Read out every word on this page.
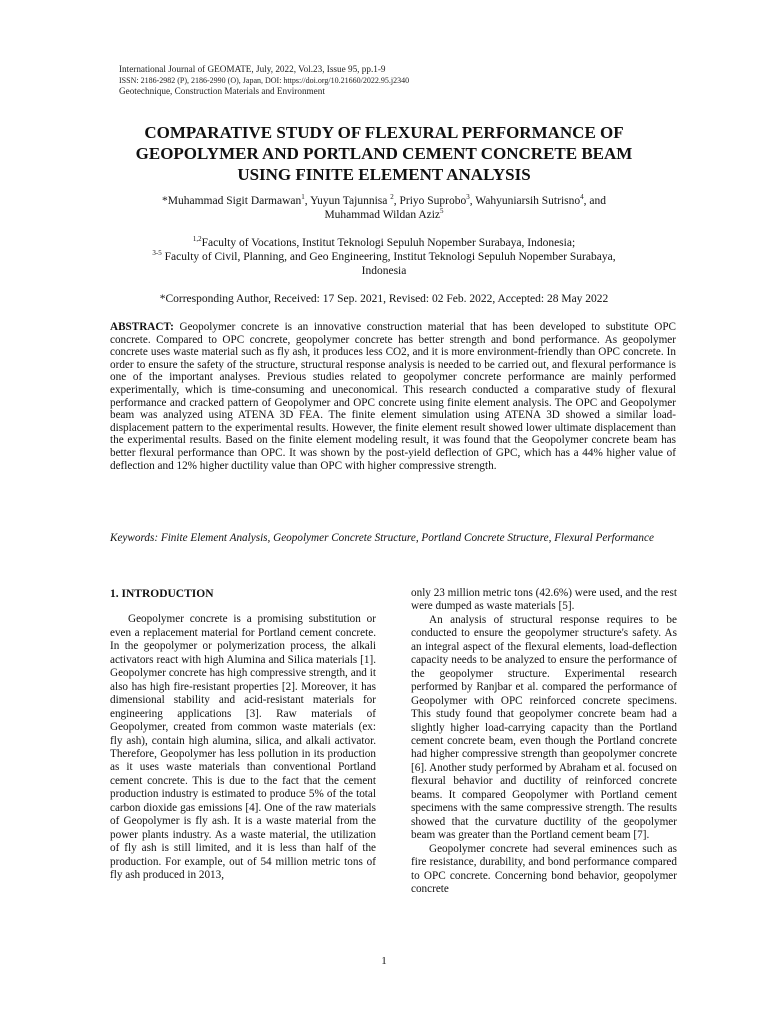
International Journal of GEOMATE, July, 2022, Vol.23, Issue 95, pp.1-9
ISSN: 2186-2982 (P), 2186-2990 (O), Japan, DOI: https://doi.org/10.21660/2022.95.j2340
Geotechnique, Construction Materials and Environment
COMPARATIVE STUDY OF FLEXURAL PERFORMANCE OF
GEOPOLYMER AND PORTLAND CEMENT CONCRETE BEAM
USING FINITE ELEMENT ANALYSIS
*Muhammad Sigit Darmawan$^1$, Yuyun Tajunnisa $^2$, Priyo Suprobo$^3$, Wahyuniarsih Sutrisno$^4$, and
Muhammad Wildan Aziz$^5$
$^{1,2}$Faculty of Vocations, Institut Teknologi Sepuluh Nopember Surabaya, Indonesia;
$^{3-5}$ Faculty of Civil, Planning, and Geo Engineering, Institut Teknologi Sepuluh Nopember Surabaya,
Indonesia
*Corresponding Author, Received: 17 Sep. 2021, Revised: 02 Feb. 2022, Accepted: 28 May 2022
ABSTRACT: Geopolymer concrete is an innovative construction material that has been developed to substitute OPC concrete. Compared to OPC concrete, geopolymer concrete has better strength and bond performance. As geopolymer concrete uses waste material such as fly ash, it produces less CO2, and it is more environment-friendly than OPC concrete. In order to ensure the safety of the structure, structural response analysis is needed to be carried out, and flexural performance is one of the important analyses. Previous studies related to geopolymer concrete performance are mainly performed experimentally, which is time-consuming and uneconomical. This research conducted a comparative study of flexural performance and cracked pattern of Geopolymer and OPC concrete using finite element analysis. The OPC and Geopolymer beam was analyzed using ATENA 3D FEA. The finite element simulation using ATENA 3D showed a similar load-displacement pattern to the experimental results. However, the finite element result showed lower ultimate displacement than the experimental results. Based on the finite element modeling result, it was found that the Geopolymer concrete beam has better flexural performance than OPC. It was shown by the post-yield deflection of GPC, which has a 44% higher value of deflection and 12% higher ductility value than OPC with higher compressive strength.
Keywords: Finite Element Analysis, Geopolymer Concrete Structure, Portland Concrete Structure, Flexural Performance
1. INTRODUCTION

Geopolymer concrete is a promising substitution or even a replacement material for Portland cement concrete. In the geopolymer or polymerization process, the alkali activators react with high Alumina and Silica materials [1]. Geopolymer concrete has high compressive strength, and it also has high fire-resistant properties [2]. Moreover, it has dimensional stability and acid-resistant materials for engineering applications [3]. Raw materials of Geopolymer, created from common waste materials (ex: fly ash), contain high alumina, silica, and alkali activator. Therefore, Geopolymer has less pollution in its production as it uses waste materials than conventional Portland cement concrete. This is due to the fact that the cement production industry is estimated to produce 5% of the total carbon dioxide gas emissions [4]. One of the raw materials of Geopolymer is fly ash. It is a waste material from the power plants industry. As a waste material, the utilization of fly ash is still limited, and it is less than half of the production. For example, out of 54 million metric tons of fly ash produced in 2013,

only 23 million metric tons (42.6%) were used, and the rest were dumped as waste materials [5].

An analysis of structural response requires to be conducted to ensure the geopolymer structure's safety. As an integral aspect of the flexural elements, load-deflection capacity needs to be analyzed to ensure the performance of the geopolymer structure. Experimental research performed by Ranjbar et al. compared the performance of Geopolymer with OPC reinforced concrete specimens. This study found that geopolymer concrete beam had a slightly higher load-carrying capacity than the Portland cement concrete beam, even though the Portland concrete had higher compressive strength than geopolymer concrete [6]. Another study performed by Abraham et al. focused on flexural behavior and ductility of reinforced concrete beams. It compared Geopolymer with Portland cement specimens with the same compressive strength. The results showed that the curvature ductility of the geopolymer beam was greater than the Portland cement beam [7].

Geopolymer concrete had several eminences such as fire resistance, durability, and bond performance compared to OPC concrete. Concerning bond behavior, geopolymer concrete

1
